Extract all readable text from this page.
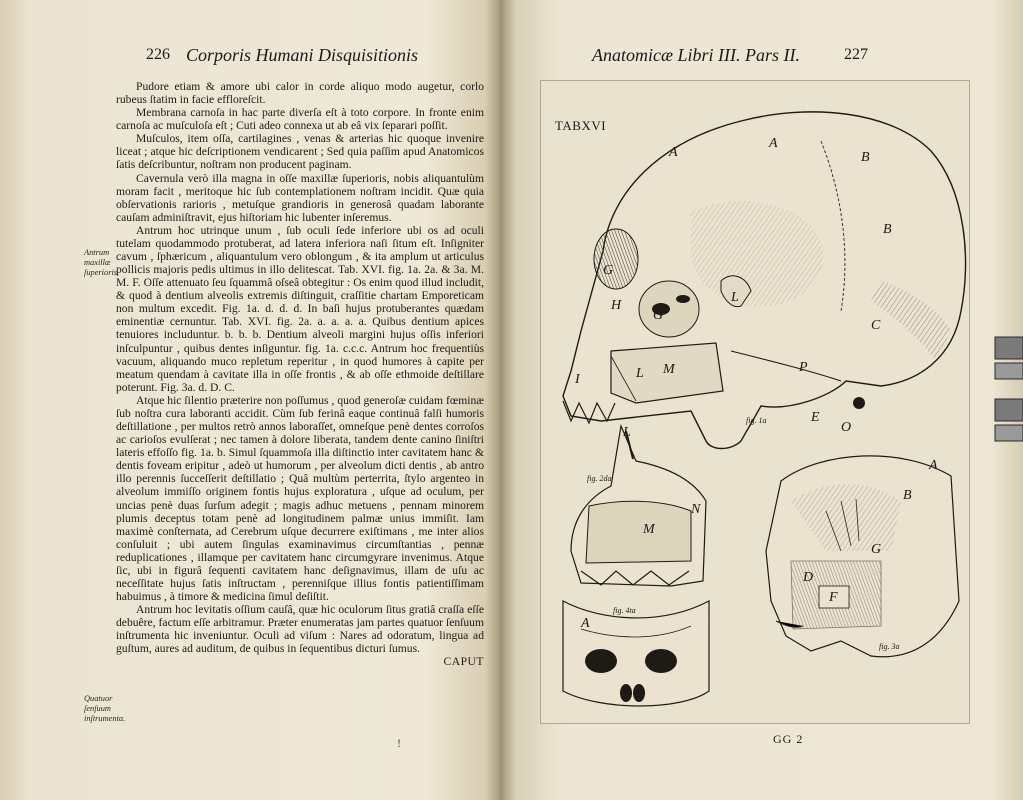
226 Corporis Humani Disquisitionis
Antrum maxillæ ſuperioris.
Quatuor ſenſuum inſtrumenta.

Pudore etiam & amore ubi calor in corde aliquo modo augetur, corlo rubeus ſtatim in facie effloreſcit.

Membrana carnoſa in hac parte diverſa eſt à toto corpore. In fronte enim carnoſa ac muſculoſa eſt ; Cuti adeo connexa ut ab eâ vix ſeparari poſſit.

Muſculos, item oſſa, cartilagines , venas & arterias hic quoque invenire liceat ; atque hic deſcriptionem vendicarent ; Sed quia paſſim apud Anatomicos ſatis deſcribuntur, noſtram non producent paginam.

Cavernula verò illa magna in oſſe maxillæ ſuperioris, nobis aliquantulùm moram facit , meritoque hic ſub contemplationem noſtram incidit. Quæ quia obſervationis rarioris , metuſque grandioris in generosâ quadam laborante cauſam adminiſtravit, ejus hiſtoriam hic lubenter inſeremus.

Antrum hoc utrinque unum , ſub oculi ſede inferiore ubi os ad oculi tutelam quodammodo protuberat, ad latera inferiora naſi ſitum eſt. Inſigniter cavum , ſphæricum , aliquantulum vero oblongum , & ita amplum ut articulus pollicis majoris pedis ultimus in illo delitescat. Tab. XVI. fig. 1a. 2a. & 3a. M. M. F. Oſſe attenuato ſeu ſquammâ oſseâ obtegitur : Os enim quod illud includit, & quod à dentium alveolis extremis diſtinguit, craſſitie chartam Emporeticam non multum excedit. Fig. 1a. d. d. d. In baſi hujus protuberantes quædam eminentiæ cernuntur. Tab. XVI. fig. 2a. a. a. a. a. Quibus dentium apices tenuiores includuntur. b. b. b. Dentium alveoli margini hujus oſſis inferiori inſculpuntur , quibus dentes inſiguntur. fig. 1a. c.c.c. Antrum hoc frequentiùs vacuum, aliquando muco repletum reperitur , in quod humores à capite per meatum quendam à cavitate illa in oſſe frontis , & ab oſſe ethmoide deſtillare poterunt. Fig. 3a. d. D. C.

Atque hic ſilentio præterire non poſſumus , quod generoſæ cuidam fœminæ ſub noſtra cura laboranti accidit. Cùm ſub ferinâ eaque continuâ falſi humoris deſtillatione , per multos retrò annos laboraſſet, omneſque penè dentes corroſos ac carioſos evulſerat ; nec tamen à dolore liberata, tandem dente canino ſiniſtri lateris effoſſo fig. 1a. b. Simul ſquammoſa illa diſtinctio inter cavitatem hanc & dentis foveam eripitur , adeò ut humorum , per alveolum dicti dentis , ab antro illo perennis ſucceſſerit deſtillatio ; Quâ multùm perterrita, ſtylo argenteo in alveolum immiſſo originem fontis hujus exploratura , uſque ad oculum, per uncias penè duas ſurſum adegit ; magis adhuc metuens , pennam minorem plumis deceptus totam penè ad longitudinem palmæ unius immiſit. Iam maximè conſternata, ad Cerebrum uſque decurrere exiſtimans , me inter alios conſuluit ; ubi autem ſingulas examinavimus circumſtantias , pennæ reduplicationes , illamque per cavitatem hanc circumgyrare invenimus. Atque ſic, ubi in figurâ ſequenti cavitatem hanc deſignavimus, illam de uſu ac neceſſitate hujus ſatis inſtructam , perenniſque illius fontis patientiſſimam habuimus , à timore & medicina ſimul deſiſtit.

Antrum hoc levitatis oſſium cauſâ, quæ hic oculorum ſitus gratiâ craſſa eſſe debuêre, factum eſſe arbitramur. Præter enumeratas jam partes quatuor ſenſuum inſtrumenta hic inveniuntur. Oculi ad viſum : Nares ad odoratum, lingua ad guſtum, aures ad auditum, de quibus in ſequentibus dicturi ſumus.

CAPUT
!
Anatomicæ Libri III. Pars II.	227
A
A
B
B
C
G
G
H
L
L M
I
P
E
O
fig. 1a
L
M
N
fig. 2da
A
fig. 4ta
A
B
G
F
D
fig. 3a
TABXVI
GG 2
